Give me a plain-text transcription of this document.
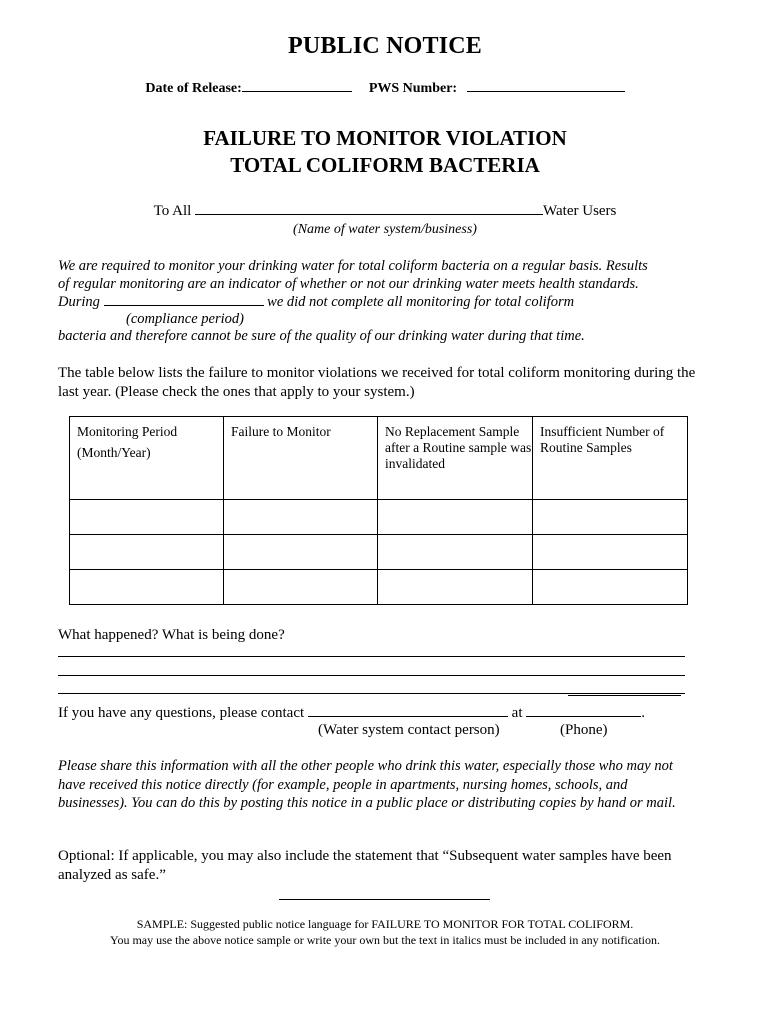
PUBLIC NOTICE
Date of Release:	PWS Number:
FAILURE TO MONITOR VIOLATION
TOTAL COLIFORM BACTERIA
To All	Water Users
(Name of water system/business)
We are required to monitor your drinking water for total coliform bacteria on a regular basis. Results
of regular monitoring are an indicator of whether or not our drinking water meets health standards.
During	we did not complete all monitoring for total coliform
(compliance period)
bacteria and therefore cannot be sure of the quality of our drinking water during that time.
The table below lists the failure to monitor violations we received for total coliform monitoring during the last year. (Please check the ones that apply to your system.)
Monitoring Period
(Month/Year)	Failure to Monitor	No Replacement Sample after a Routine sample was invalidated	Insufficient Number of Routine Samples

What happened? What is being done?
If you have any questions, please contact	at	.
(Water system contact person)	(Phone)
Please share this information with all the other people who drink this water, especially those who may not have received this notice directly (for example, people in apartments, nursing homes, schools, and businesses). You can do this by posting this notice in a public place or distributing copies by hand or mail.
Optional: If applicable, you may also include the statement that “Subsequent water samples have been analyzed as safe.”
SAMPLE: Suggested public notice language for FAILURE TO MONITOR FOR TOTAL COLIFORM.
You may use the above notice sample or write your own but the text in italics must be included in any notification.
